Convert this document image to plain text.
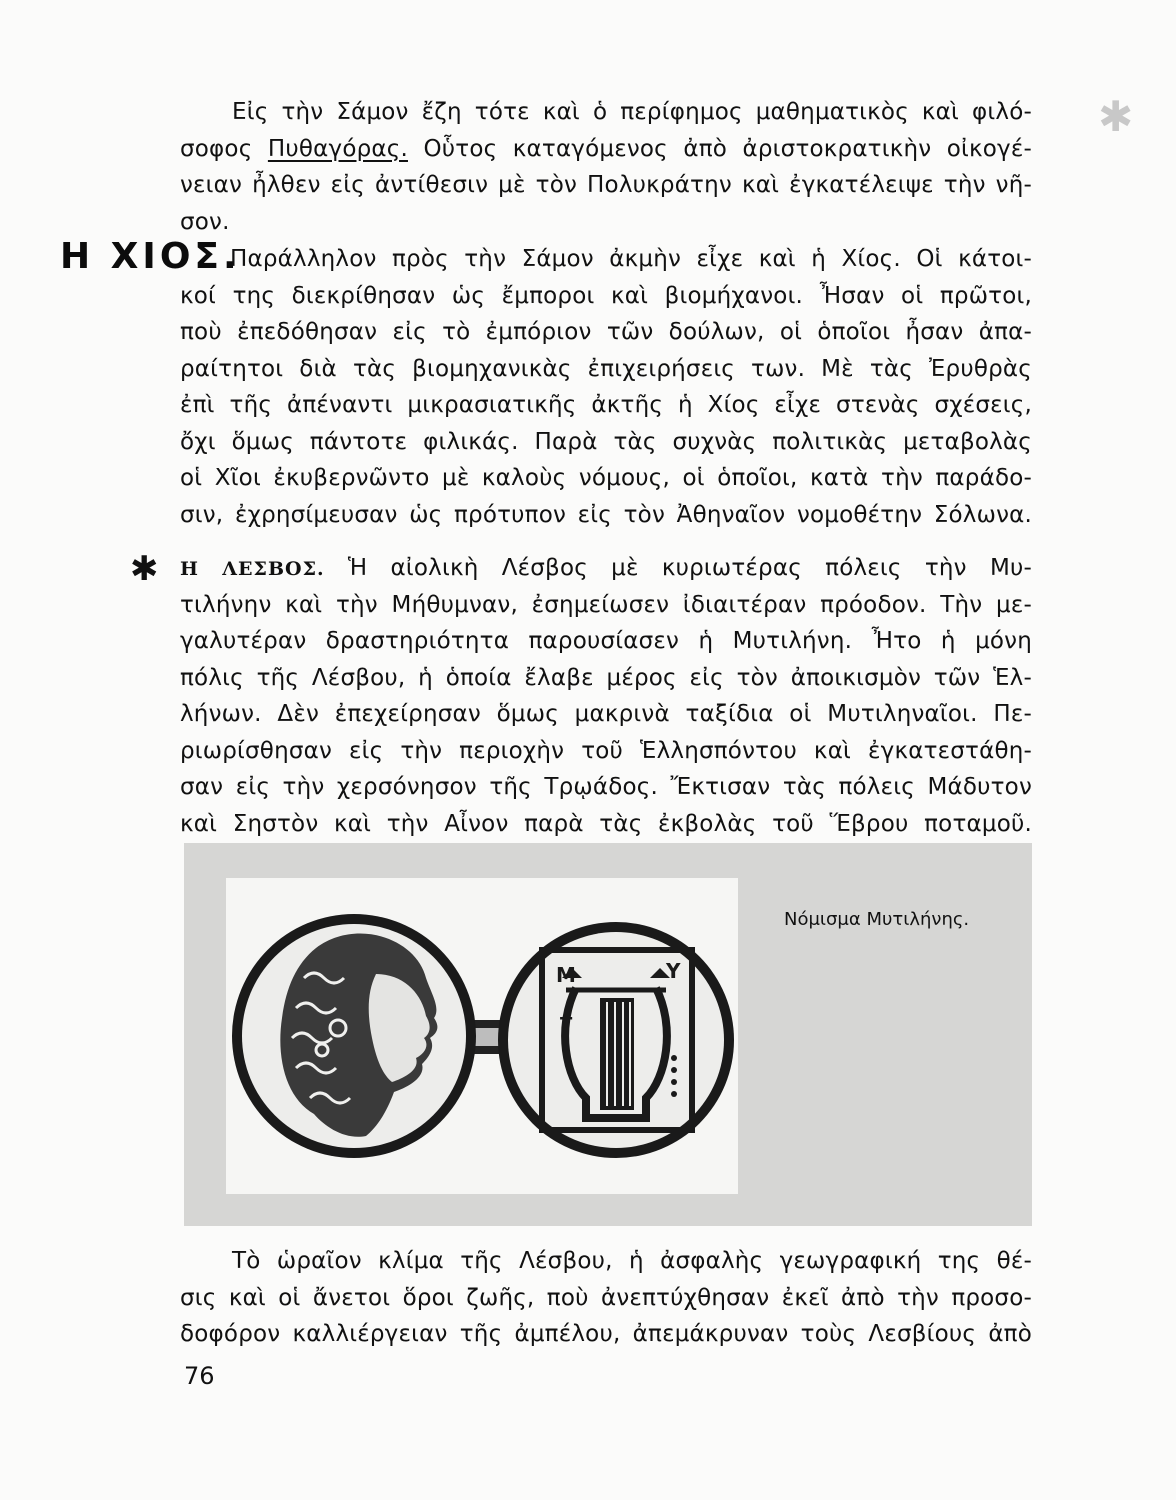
✱
Εἰς τὴν Σάμον ἔζη τότε καὶ ὁ περίφημος μαθηματικὸς καὶ φιλό-
σοφος Πυθαγόρας. Οὗτος καταγόμενος ἀπὸ ἀριστοκρατικὴν οἰκογέ-
νειαν ἦλθεν εἰς ἀντίθεσιν μὲ τὸν Πολυκράτην καὶ ἐγκατέλειψε τὴν νῆ-
σον.
Η ΧΙΟΣ.
Παράλληλον πρὸς τὴν Σάμον ἀκμὴν εἶχε καὶ ἡ Χίος. Οἱ κάτοι-
κοί της διεκρίθησαν ὡς ἔμποροι καὶ βιομήχανοι. Ἦσαν οἱ πρῶτοι,
ποὺ ἐπεδόθησαν εἰς τὸ ἐμπόριον τῶν δούλων, οἱ ὁποῖοι ἦσαν ἀπα-
ραίτητοι διὰ τὰς βιομηχανικὰς ἐπιχειρήσεις των. Μὲ τὰς Ἐρυθρὰς
ἐπὶ τῆς ἀπέναντι μικρασιατικῆς ἀκτῆς ἡ Χίος εἶχε στενὰς σχέσεις,
ὄχι ὅμως πάντοτε φιλικάς. Παρὰ τὰς συχνὰς πολιτικὰς μεταβολὰς
οἱ Χῖοι ἐκυβερνῶντο μὲ καλοὺς νόμους, οἱ ὁποῖοι, κατὰ τὴν παράδο-
σιν, ἐχρησίμευσαν ὡς πρότυπον εἰς τὸν Ἀθηναῖον νομοθέτην Σόλωνα.
✱ Η ΛΕΣΒΟΣ. Ἡ αἰολικὴ Λέσβος μὲ κυριωτέρας πόλεις τὴν Μυ-
τιλήνην καὶ τὴν Μήθυμναν, ἐσημείωσεν ἰδιαιτέραν πρόοδον. Τὴν με-
γαλυτέραν δραστηριότητα παρουσίασεν ἡ Μυτιλήνη. Ἦτο ἡ μόνη
πόλις τῆς Λέσβου, ἡ ὁποία ἔλαβε μέρος εἰς τὸν ἀποικισμὸν τῶν Ἑλ-
λήνων. Δὲν ἐπεχείρησαν ὅμως μακρινὰ ταξίδια οἱ Μυτιληναῖοι. Πε-
ριωρίσθησαν εἰς τὴν περιοχὴν τοῦ Ἑλλησπόντου καὶ ἐγκατεστάθη-
σαν εἰς τὴν χερσόνησον τῆς Τρῳάδος. Ἔκτισαν τὰς πόλεις Μάδυτον
καὶ Σηστὸν καὶ τὴν Αἶνον παρὰ τὰς ἐκβολὰς τοῦ Ἕβρου ποταμοῦ.
Μ
Τ
Υ
Νόμισμα Μυτιλήνης.
Τὸ ὡραῖον κλίμα τῆς Λέσβου, ἡ ἀσφαλὴς γεωγραφική της θέ-
σις καὶ οἱ ἄνετοι ὅροι ζωῆς, ποὺ ἀνεπτύχθησαν ἐκεῖ ἀπὸ τὴν προσο-
δοφόρον καλλιέργειαν τῆς ἀμπέλου, ἀπεμάκρυναν τοὺς Λεσβίους ἀπὸ
76
